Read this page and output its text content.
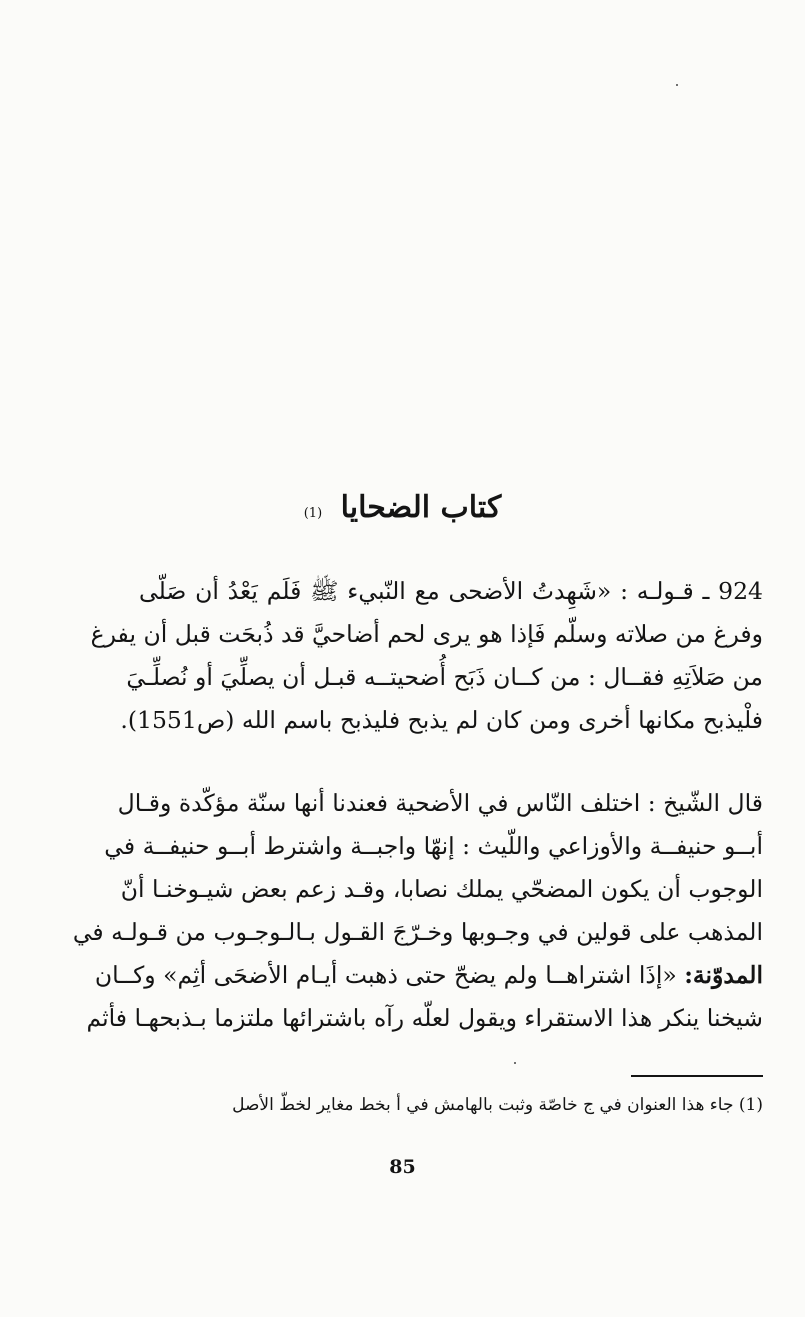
كتاب الضحايا (1)
924 ـ قـولـه : «شَهِدتُ الأضحى مع النّبيء ﷺ فَلَم يَعْدُ أن صَلّى
وفرغ من صلاته وسلّم فَإذا هو يرى لحم أضاحيَّ قد ذُبحَت قبل أن يفرغ
من صَلاَتِهِ فقــال : من كــان ذَبَح أُضحيتــه قبـل أن يصلِّيَ أو نُصلِّـيَ
فلْيذبح مكانها أخرى ومن كان لم يذبح فليذبح باسم الله (ص1551).
قال الشّيخ : اختلف النّاس في الأضحية فعندنا أنها سنّة مؤكّدة وقـال
أبــو حنيفــة والأوزاعي واللّيث : إنهّا واجبــة واشترط أبــو حنيفــة في
الوجوب أن يكون المضحّي يملك نصابا، وقـد زعم بعض شيـوخنـا أنّ
المذهب على قولين في وجـوبها وخـرّجَ القـول بـالـوجـوب من قـولـه في
المدوّنة: «إذَا اشتراهــا ولم يضحّ حتى ذهبت أيـام الأضحَى أثِم» وكــان
شيخنا ينكر هذا الاستقراء ويقول لعلّه رآه باشترائها ملتزما بـذبحهـا فأثم
(1) جاء هذا العنوان في ج خاصّة وثبت بالهامش في أ بخط مغاير لخطّ الأصل
85
